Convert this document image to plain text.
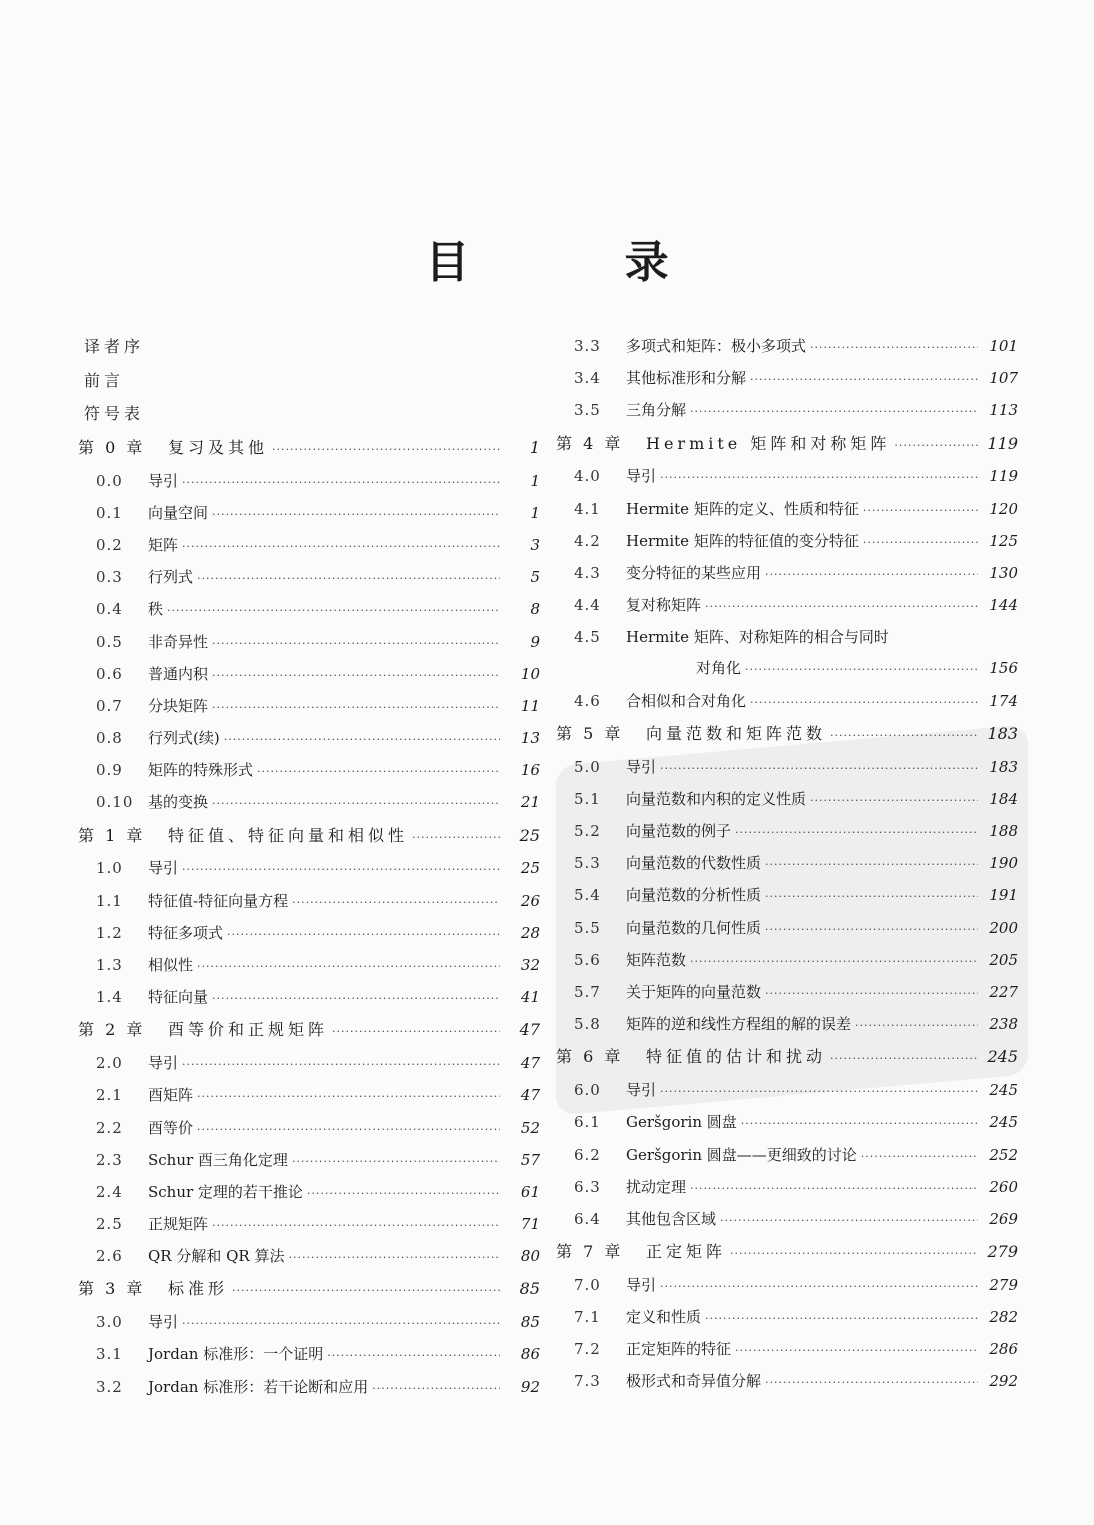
目 录
译者序
前言
符号表
第 0 章	复习及其他 ·····	1
0.0	导引 ·····	1
0.1	向量空间 ·····	1
0.2	矩阵 ·····	3
0.3	行列式 ·····	5
0.4	秩 ·····	8
0.5	非奇异性 ·····	9
0.6	普通内积 ·····	10
0.7	分块矩阵 ·····	11
0.8	行列式(续) ·····	13
0.9	矩阵的特殊形式 ·····	16
0.10 基的变换 ·····	21
第 1 章	特征值、特征向量和相似性 ·····	25
1.0	导引 ·····	25
1.1	特征值-特征向量方程 ·····	26
1.2	特征多项式 ·····	28
1.3	相似性 ·····	32
1.4	特征向量 ·····	41
第 2 章	酉等价和正规矩阵 ·····	47
2.0	导引 ·····	47
2.1	酉矩阵 ·····	47
2.2	酉等价 ·····	52
2.3	Schur 酉三角化定理 ·····	57
2.4	Schur 定理的若干推论 ·····	61
2.5	正规矩阵 ·····	71
2.6	QR 分解和 QR 算法 ·····	80
第 3 章	标准形 ·····	85
3.0	导引 ·····	85
3.1	Jordan 标准形：一个证明 ·····	86
3.2	Jordan 标准形：若干论断和应用 ·····	92
3.3	多项式和矩阵：极小多项式 ·····	101
3.4	其他标准形和分解 ·····	107
3.5	三角分解 ·····	113
第 4 章	Hermite 矩阵和对称矩阵 ·····	119
4.0	导引 ·····	119
4.1	Hermite 矩阵的定义、性质和特征 ·····	120
4.2	Hermite 矩阵的特征值的变分特征 ·····	125
4.3	变分特征的某些应用 ·····	130
4.4	复对称矩阵 ·····	144
4.5	Hermite 矩阵、对称矩阵的相合与同时
对角化 ·····	156
4.6	合相似和合对角化 ·····	174
第 5 章	向量范数和矩阵范数 ·····	183
5.0	导引 ·····	183
5.1	向量范数和内积的定义性质 ·····	184
5.2	向量范数的例子 ·····	188
5.3	向量范数的代数性质 ·····	190
5.4	向量范数的分析性质 ·····	191
5.5	向量范数的几何性质 ·····	200
5.6	矩阵范数 ·····	205
5.7	关于矩阵的向量范数 ·····	227
5.8	矩阵的逆和线性方程组的解的误差 ·····	238
第 6 章	特征值的估计和扰动 ·····	245
6.0	导引 ·····	245
6.1	Geršgorin 圆盘 ·····	245
6.2	Geršgorin 圆盘——更细致的讨论 ·····	252
6.3	扰动定理 ·····	260
6.4	其他包含区域 ·····	269
第 7 章	正定矩阵 ·····	279
7.0	导引 ·····	279
7.1	定义和性质 ·····	282
7.2	正定矩阵的特征 ·····	286
7.3	极形式和奇异值分解 ·····	292
